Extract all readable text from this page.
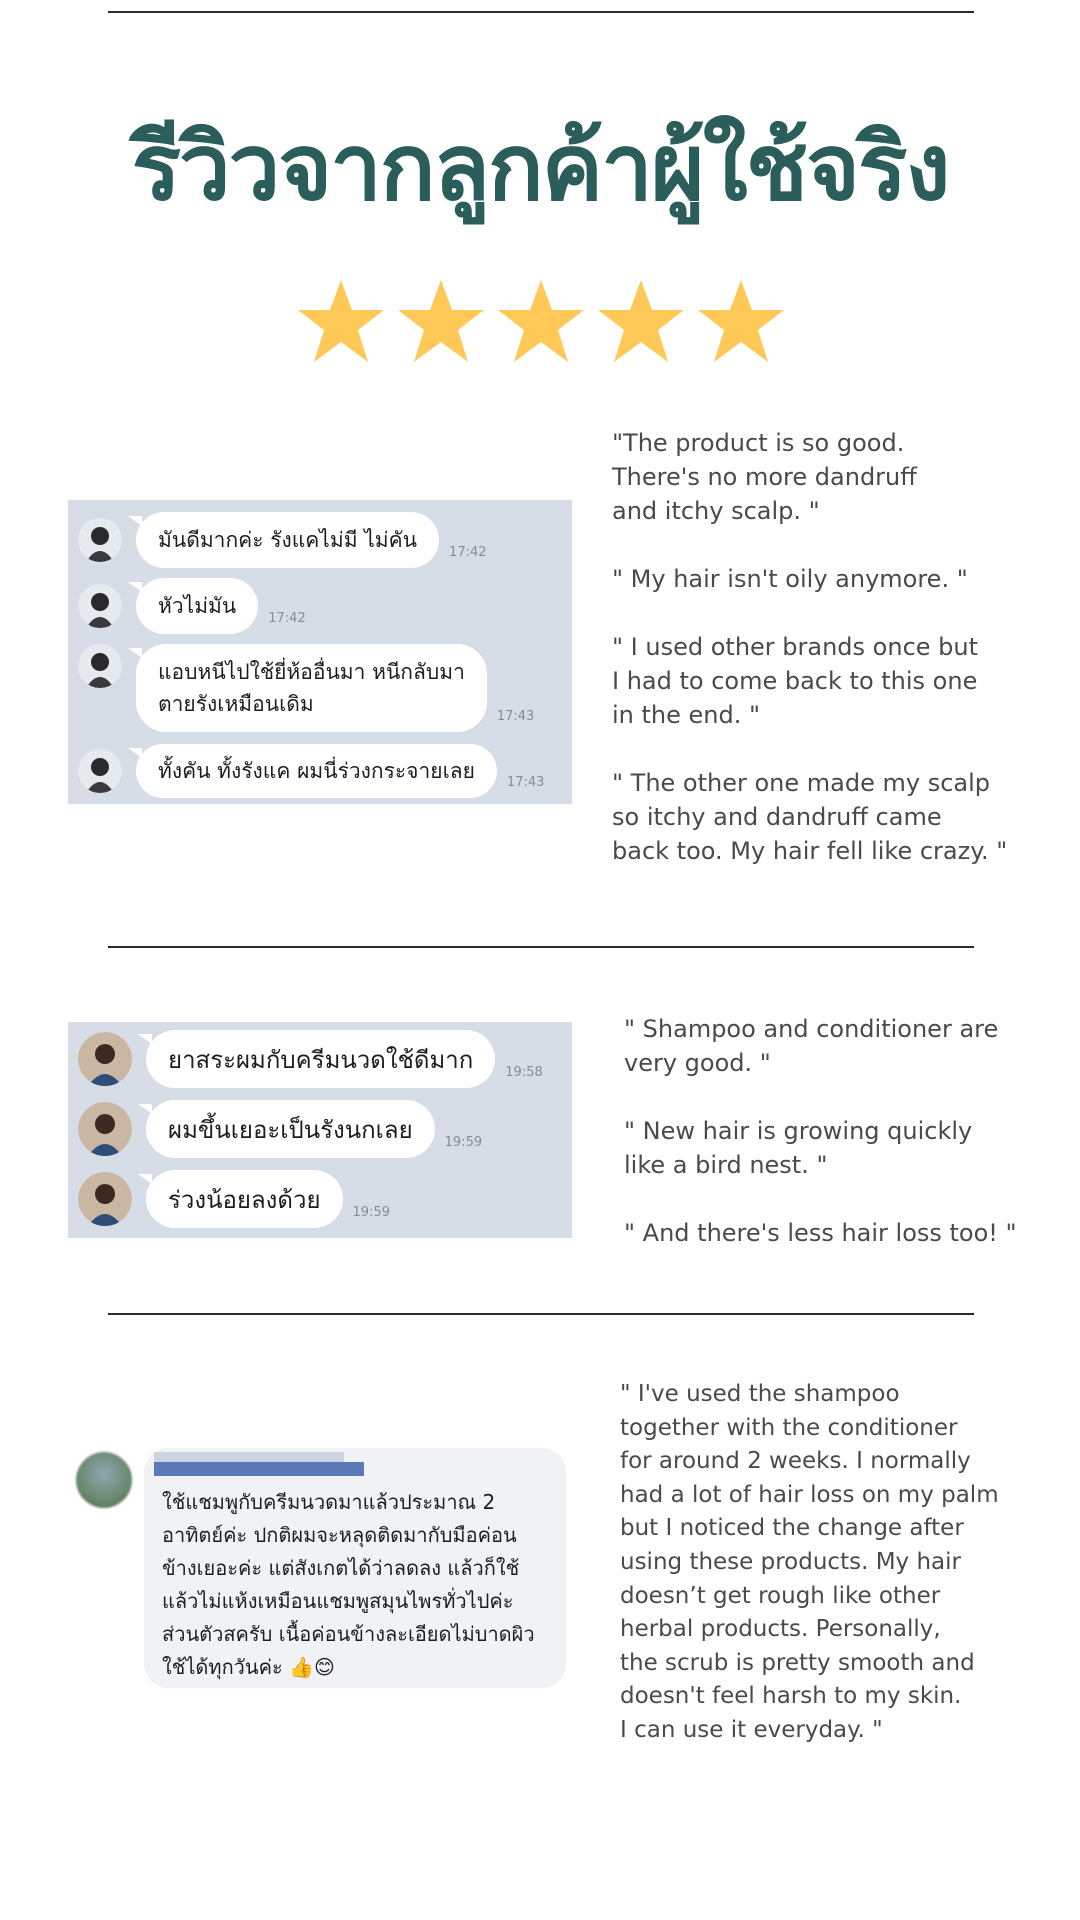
รีวิวจากลูกค้าผู้ใช้จริง
มันดีมากค่ะ รังแคไม่มี ไม่คัน
17:42
หัวไม่มัน
17:42
แอบหนีไปใช้ยี่ห้ออื่นมา หนีกลับมา
ตายรังเหมือนเดิม
17:43
ทั้งคัน ทั้งรังแค ผมนี่ร่วงกระจายเลย 17:43
"The product is so good.
There's no more dandruff
and itchy scalp. "

" My hair isn't oily anymore. "

" I used other brands once but
I had to come back to this one
in the end. "

" The other one made my scalp
so itchy and dandruff came
back too. My hair fell like crazy. "
ยาสระผมกับครีมนวดใช้ดีมาก 19:58
ผมขึ้นเยอะเป็นรังนกเลย 19:59
ร่วงน้อยลงด้วย 19:59
" Shampoo and conditioner are
very good. "

" New hair is growing quickly
like a bird nest. "

" And there's less hair loss too! "
ใช้แชมพูกับครีมนวดมาแล้วประมาณ 2
อาทิตย์ค่ะ ปกติผมจะหลุดติดมากับมือค่อน
ข้างเยอะค่ะ แต่สังเกตได้ว่าลดลง แล้วก็ใช้
แล้วไม่แห้งเหมือนแชมพูสมุนไพรทั่วไปค่ะ
ส่วนตัวสครับ เนื้อค่อนข้างละเอียดไม่บาดผิว
ใช้ได้ทุกวันค่ะ 👍😊
" I've used the shampoo
together with the conditioner
for around 2 weeks. I normally
had a lot of hair loss on my palm
but I noticed the change after
using these products. My hair
doesn’t get rough like other
herbal products. Personally,
the scrub is pretty smooth and
doesn't feel harsh to my skin.
I can use it everyday. "
